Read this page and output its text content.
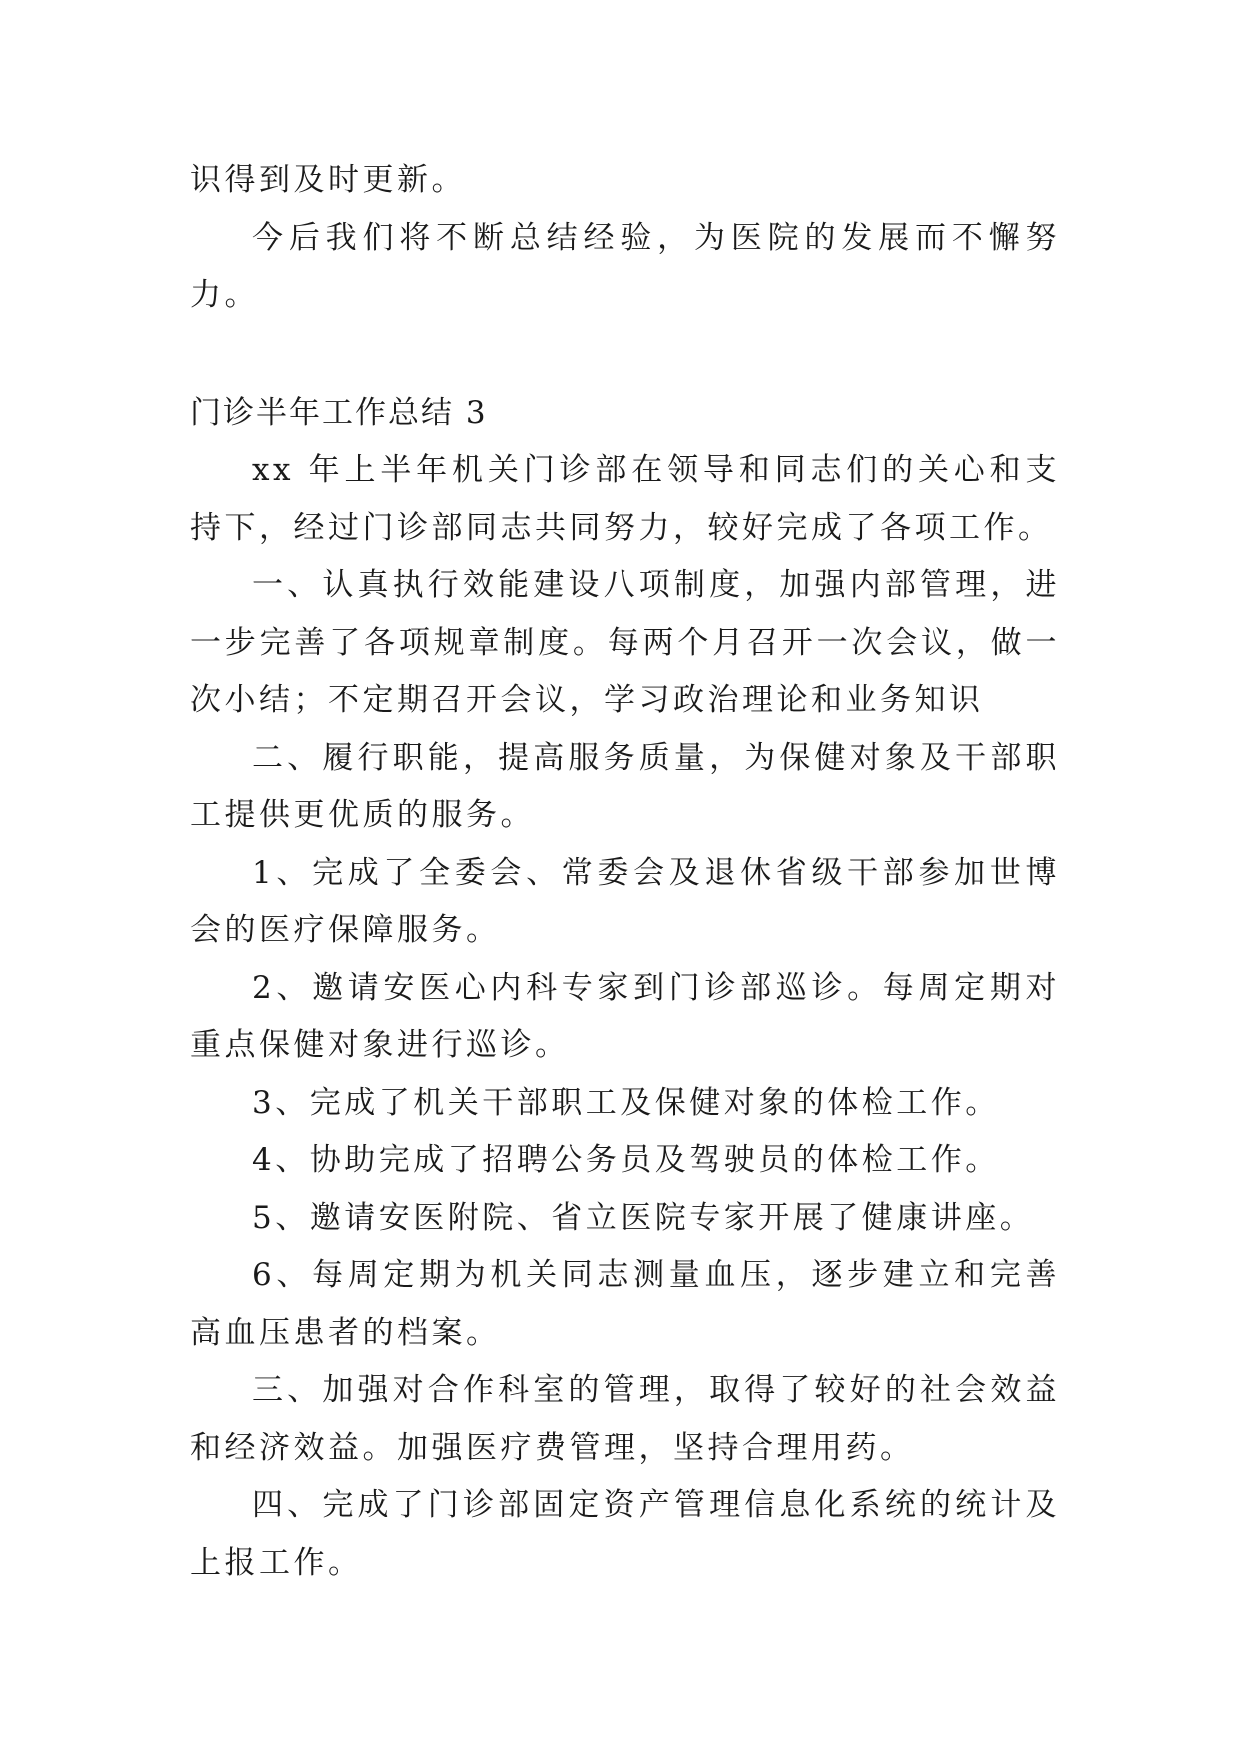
识得到及时更新。

今后我们将不断总结经验，为医院的发展而不懈努力。

门诊半年工作总结 3

xx 年上半年机关门诊部在领导和同志们的关心和支持下，经过门诊部同志共同努力，较好完成了各项工作。

一、认真执行效能建设八项制度，加强内部管理，进一步完善了各项规章制度。每两个月召开一次会议，做一次小结；不定期召开会议，学习政治理论和业务知识

二、履行职能，提高服务质量，为保健对象及干部职工提供更优质的服务。

1、完成了全委会、常委会及退休省级干部参加世博会的医疗保障服务。

2、邀请安医心内科专家到门诊部巡诊。每周定期对重点保健对象进行巡诊。

3、完成了机关干部职工及保健对象的体检工作。

4、协助完成了招聘公务员及驾驶员的体检工作。

5、邀请安医附院、省立医院专家开展了健康讲座。

6、每周定期为机关同志测量血压，逐步建立和完善高血压患者的档案。

三、加强对合作科室的管理，取得了较好的社会效益和经济效益。加强医疗费管理，坚持合理用药。

四、完成了门诊部固定资产管理信息化系统的统计及上报工作。
